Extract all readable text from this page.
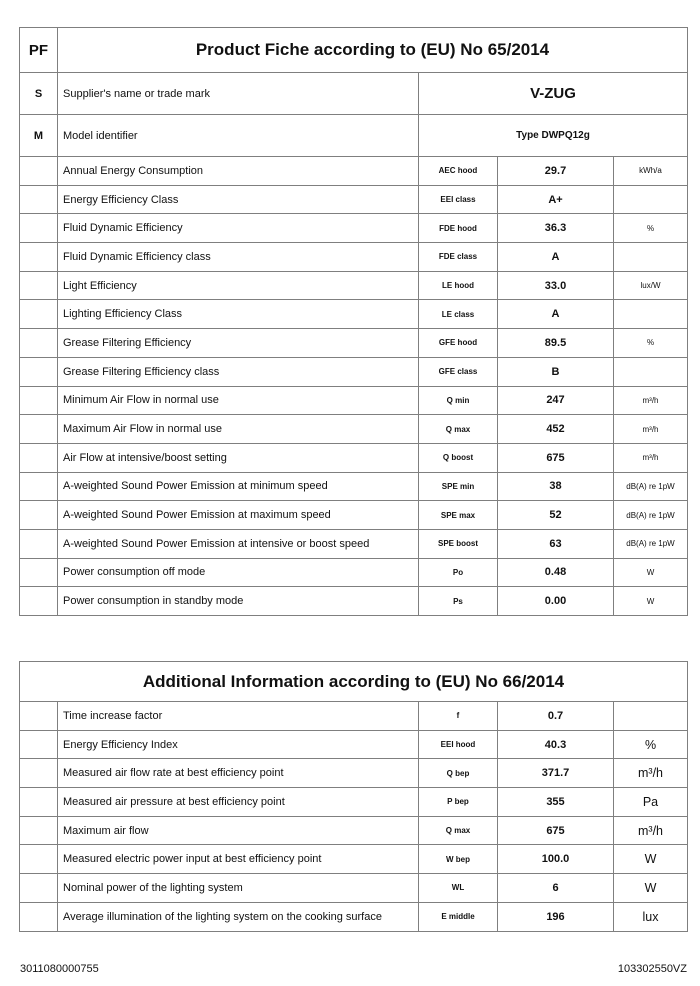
PF	Product Fiche according to (EU) No 65/2014			
S	Supplier's name or trade mark	V-ZUG		
M	Model identifier	Type DWPQ12g		
	Annual Energy Consumption	AEC hood	29.7	kWh/a
	Energy Efficiency Class	EEI class	A+	
	Fluid Dynamic Efficiency	FDE hood	36.3	%
	Fluid Dynamic Efficiency class	FDE class	A	
	Light Efficiency	LE hood	33.0	lux/W
	Lighting Efficiency Class	LE class	A	
	Grease Filtering Efficiency	GFE hood	89.5	%
	Grease Filtering Efficiency class	GFE class	B	
	Minimum Air Flow in normal use	Q min	247	m³/h
	Maximum Air Flow in normal use	Q max	452	m³/h
	Air Flow at intensive/boost setting	Q boost	675	m³/h
	A-weighted Sound Power Emission at minimum speed	SPE min	38	dB(A) re 1pW
	A-weighted Sound Power Emission at maximum speed	SPE max	52	dB(A) re 1pW
	A-weighted Sound Power Emission at intensive or boost speed	SPE boost	63	dB(A) re 1pW
	Power consumption off mode	Po	0.48	W
	Power consumption in standby mode	Ps	0.00	W
Additional Information according to (EU) No 66/2014				
	Time increase factor	f	0.7	
	Energy Efficiency Index	EEI hood	40.3	%
	Measured air flow rate at best efficiency point	Q bep	371.7	m³/h
	Measured air pressure at best efficiency point	P bep	355	Pa
	Maximum air flow	Q max	675	m³/h
	Measured electric power input at best efficiency point	W bep	100.0	W
	Nominal power of the lighting system	WL	6	W
	Average illumination of the lighting system on the cooking surface	E middle	196	lux
3011080000755	103302550VZ
